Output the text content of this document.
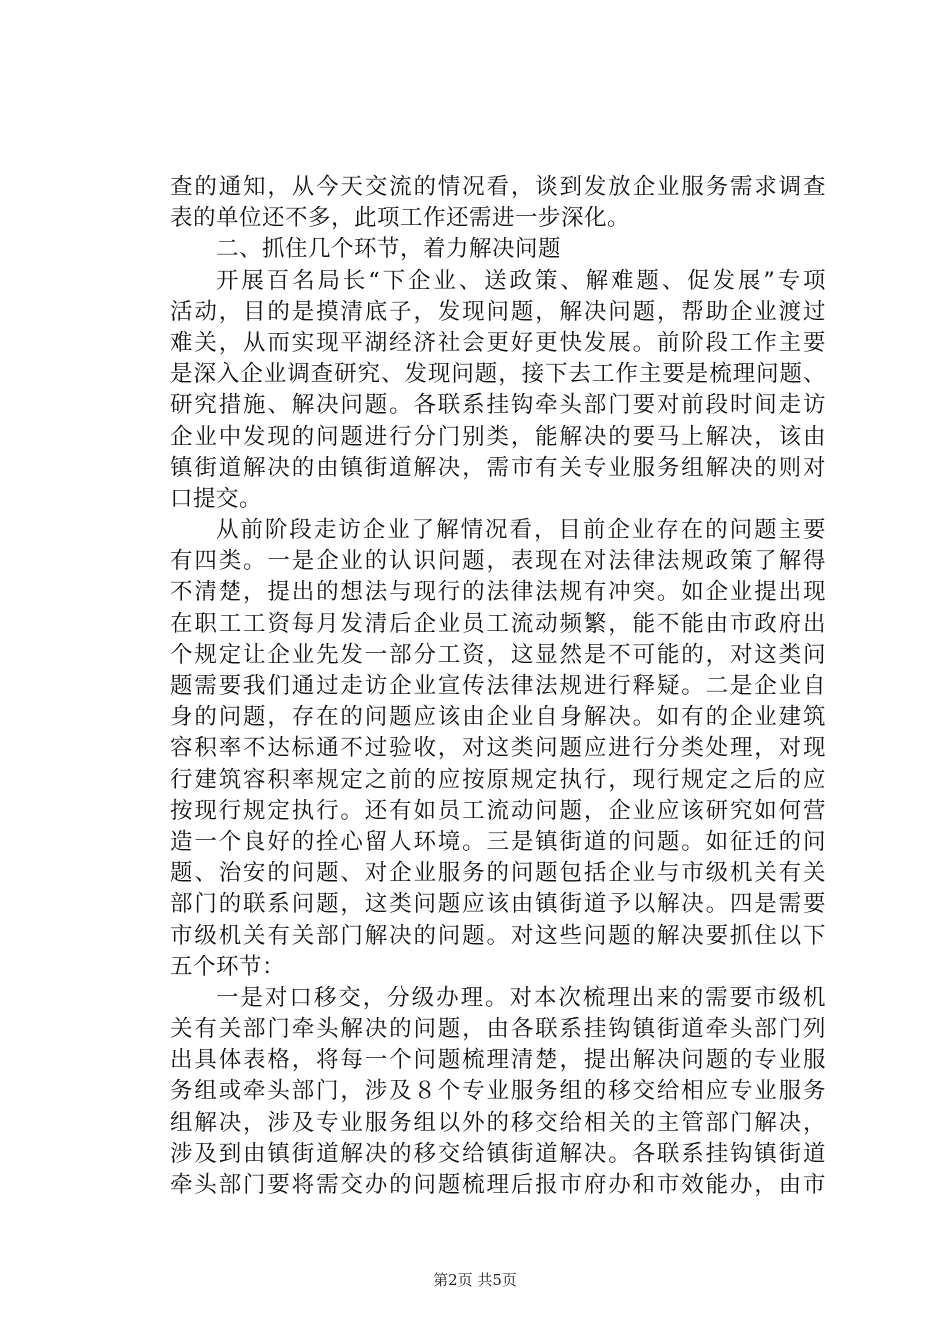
查的通知，从今天交流的情况看，谈到发放企业服务需求调查
表的单位还不多，此项工作还需进一步深化。
二、抓住几个环节，着力解决问题
开展百名局长“下企业、送政策、解难题、促发展”专项
活动，目的是摸清底子，发现问题，解决问题，帮助企业渡过
难关，从而实现平湖经济社会更好更快发展。前阶段工作主要
是深入企业调查研究、发现问题，接下去工作主要是梳理问题、
研究措施、解决问题。各联系挂钩牵头部门要对前段时间走访
企业中发现的问题进行分门别类，能解决的要马上解决，该由
镇街道解决的由镇街道解决，需市有关专业服务组解决的则对
口提交。
从前阶段走访企业了解情况看，目前企业存在的问题主要
有四类。一是企业的认识问题，表现在对法律法规政策了解得
不清楚，提出的想法与现行的法律法规有冲突。如企业提出现
在职工工资每月发清后企业员工流动频繁，能不能由市政府出
个规定让企业先发一部分工资，这显然是不可能的，对这类问
题需要我们通过走访企业宣传法律法规进行释疑。二是企业自
身的问题，存在的问题应该由企业自身解决。如有的企业建筑
容积率不达标通不过验收，对这类问题应进行分类处理，对现
行建筑容积率规定之前的应按原规定执行，现行规定之后的应
按现行规定执行。还有如员工流动问题，企业应该研究如何营
造一个良好的拴心留人环境。三是镇街道的问题。如征迁的问
题、治安的问题、对企业服务的问题包括企业与市级机关有关
部门的联系问题，这类问题应该由镇街道予以解决。四是需要
市级机关有关部门解决的问题。对这些问题的解决要抓住以下
五个环节：
一是对口移交，分级办理。对本次梳理出来的需要市级机
关有关部门牵头解决的问题，由各联系挂钩镇街道牵头部门列
出具体表格，将每一个问题梳理清楚，提出解决问题的专业服
务组或牵头部门，涉及８个专业服务组的移交给相应专业服务
组解决，涉及专业服务组以外的移交给相关的主管部门解决，
涉及到由镇街道解决的移交给镇街道解决。各联系挂钩镇街道
牵头部门要将需交办的问题梳理后报市府办和市效能办，由市
第2页 共5页
